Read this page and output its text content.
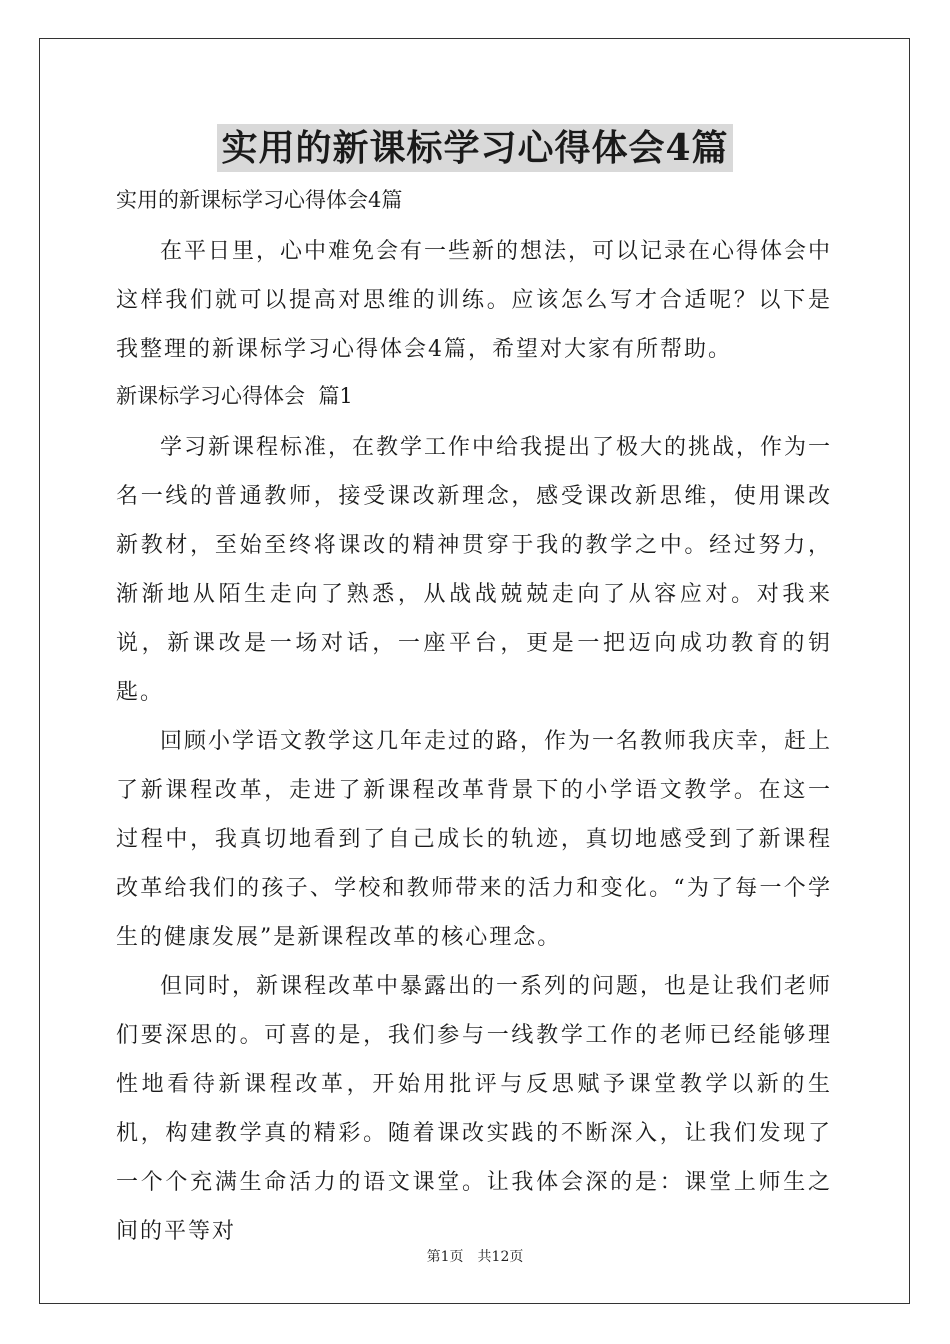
实用的新课标学习心得体会4篇

实用的新课标学习心得体会4篇

在平日里，心中难免会有一些新的想法，可以记录在心得体会中这样我们就可以提高对思维的训练。应该怎么写才合适呢？以下是我整理的新课标学习心得体会4篇，希望对大家有所帮助。

新课标学习心得体会  篇1

学习新课程标准，在教学工作中给我提出了极大的挑战，作为一名一线的普通教师，接受课改新理念，感受课改新思维，使用课改新教材，至始至终将课改的精神贯穿于我的教学之中。经过努力，渐渐地从陌生走向了熟悉，从战战兢兢走向了从容应对。对我来说，新课改是一场对话，一座平台，更是一把迈向成功教育的钥匙。

回顾小学语文教学这几年走过的路，作为一名教师我庆幸，赶上了新课程改革，走进了新课程改革背景下的小学语文教学。在这一过程中，我真切地看到了自己成长的轨迹，真切地感受到了新课程改革给我们的孩子、学校和教师带来的活力和变化。“为了每一个学生的健康发展”是新课程改革的核心理念。

但同时，新课程改革中暴露出的一系列的问题，也是让我们老师们要深思的。可喜的是，我们参与一线教学工作的老师已经能够理性地看待新课程改革，开始用批评与反思赋予课堂教学以新的生机，构建教学真的精彩。随着课改实践的不断深入，让我们发现了一个个充满生命活力的语文课堂。让我体会深的是：课堂上师生之间的平等对

第1页 共12页
